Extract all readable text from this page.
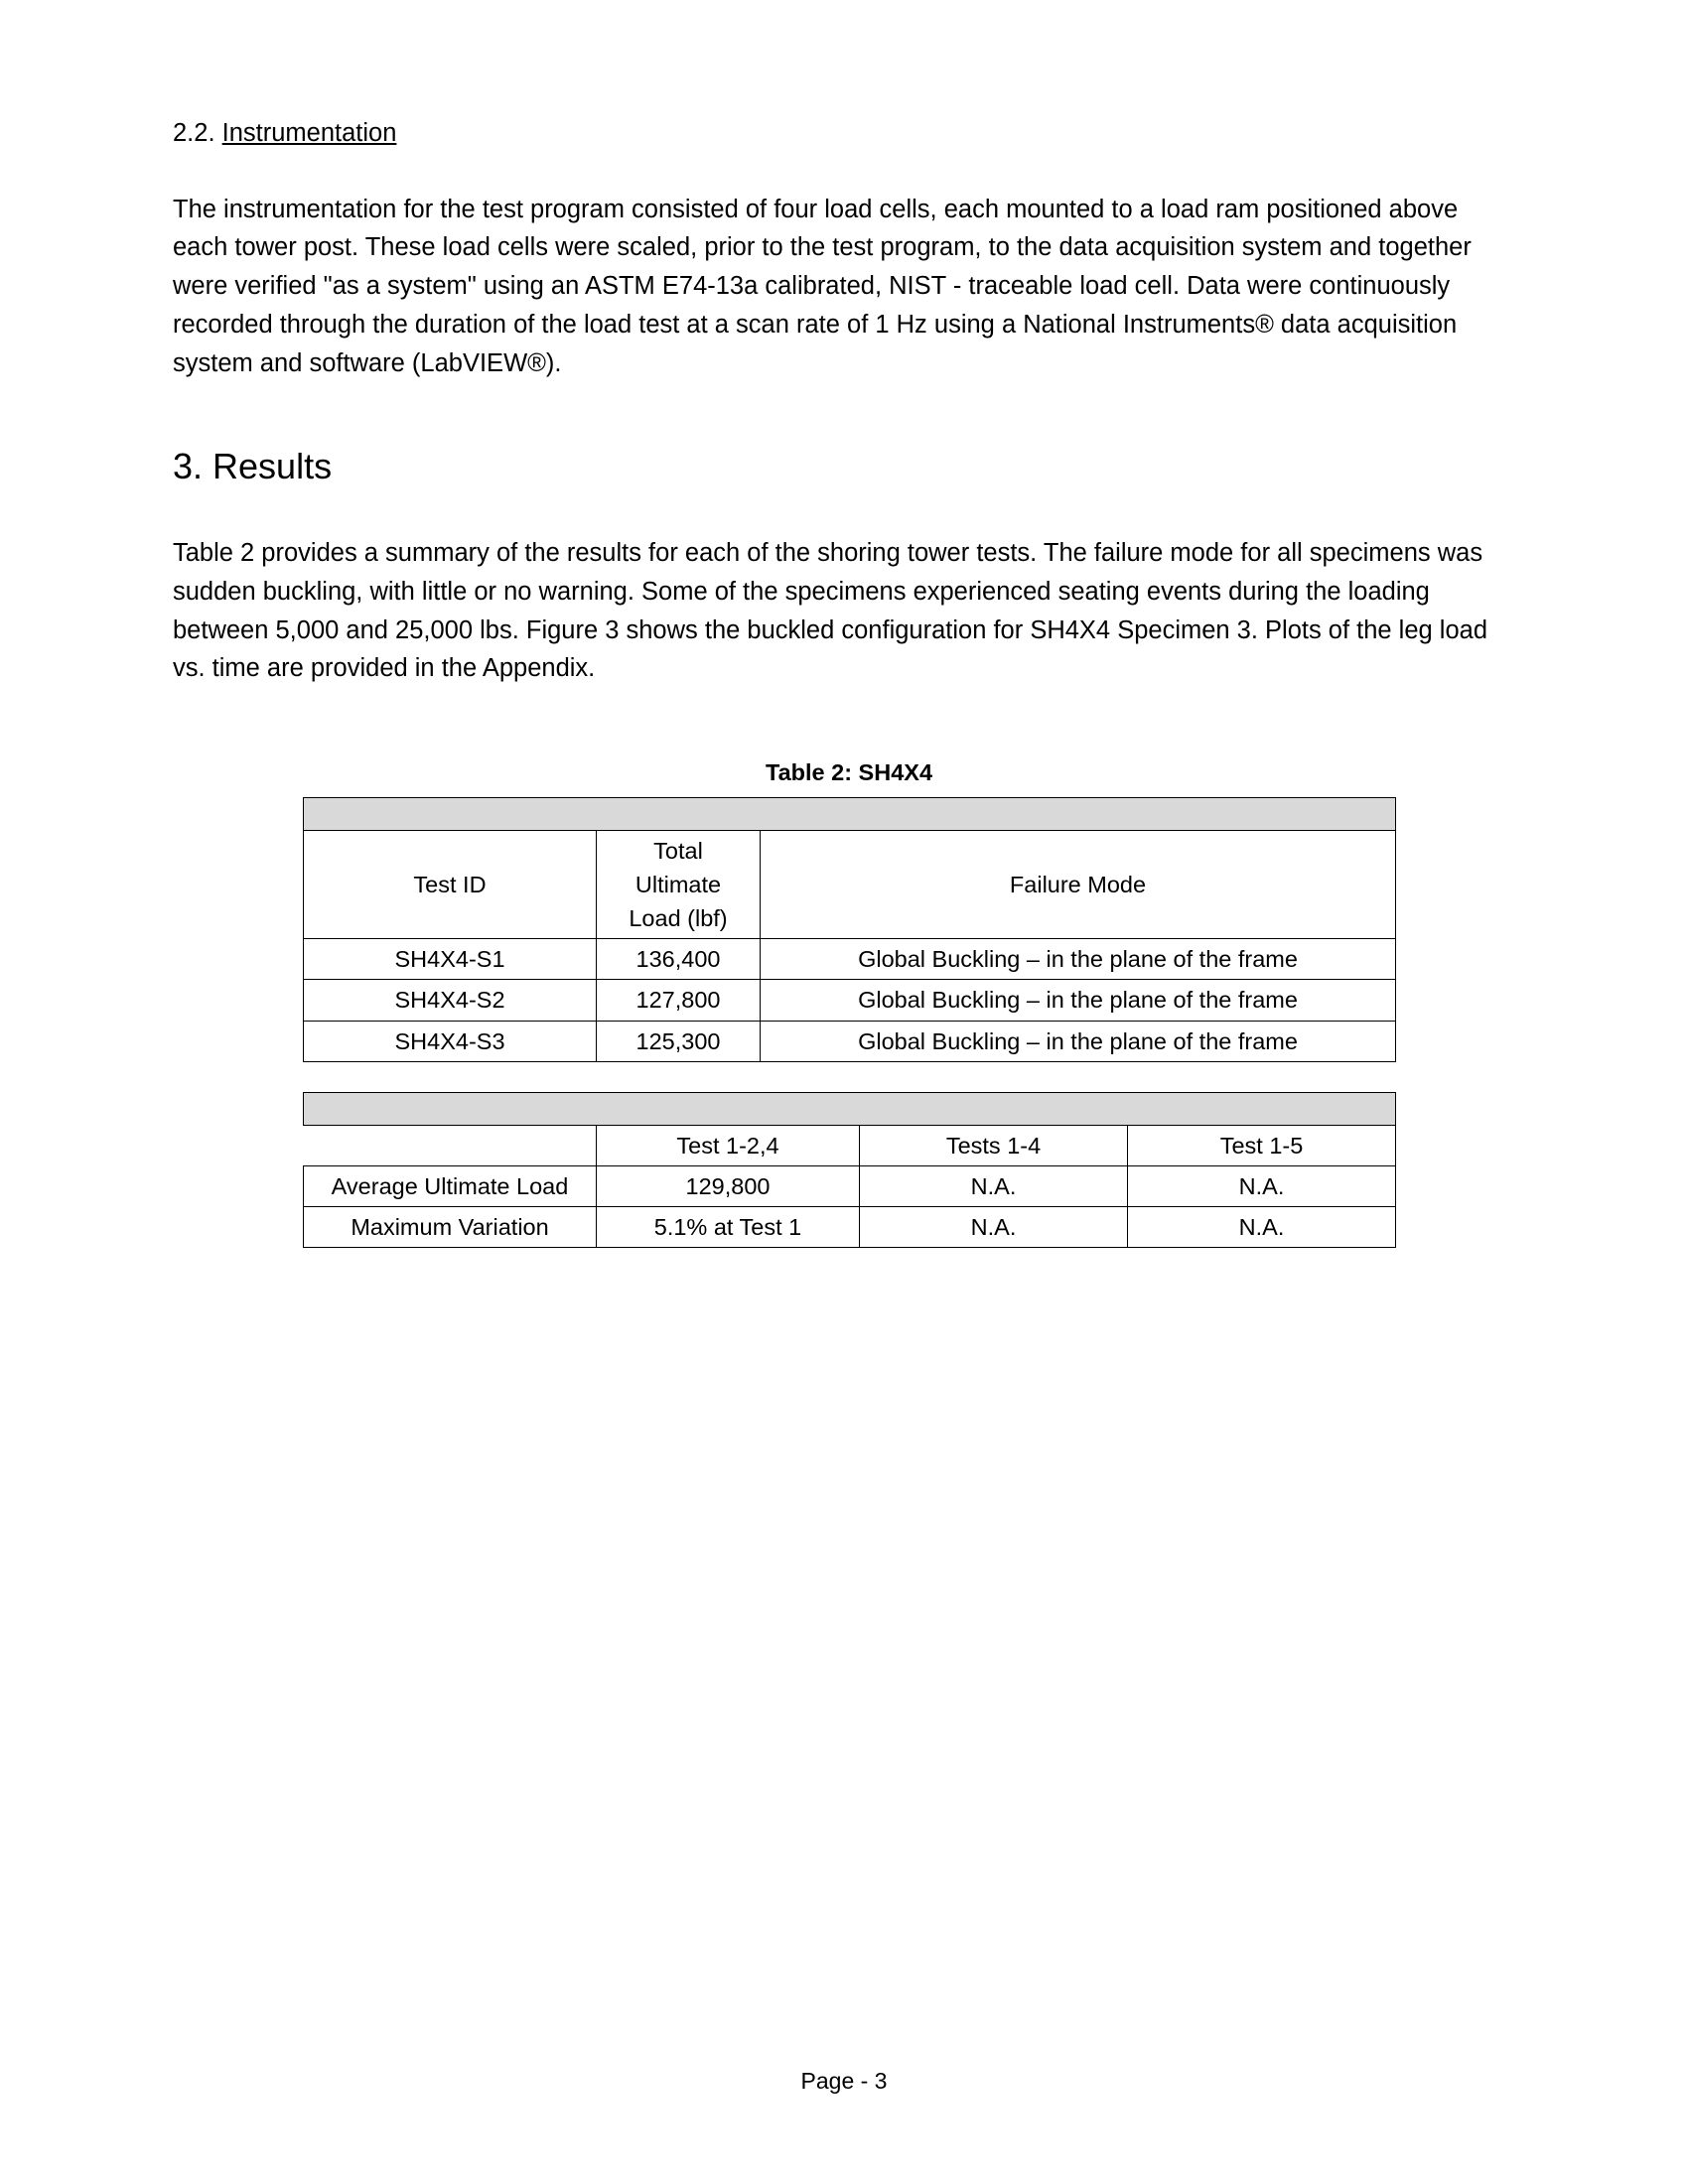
2.2. Instrumentation

The instrumentation for the test program consisted of four load cells, each mounted to a load ram positioned above each tower post. These load cells were scaled, prior to the test program, to the data acquisition system and together were verified "as a system" using an ASTM E74-13a calibrated, NIST - traceable load cell. Data were continuously recorded through the duration of the load test at a scan rate of 1 Hz using a National Instruments® data acquisition system and software (LabVIEW®).

3. Results

Table 2 provides a summary of the results for each of the shoring tower tests. The failure mode for all specimens was sudden buckling, with little or no warning. Some of the specimens experienced seating events during the loading between 5,000 and 25,000 lbs. Figure 3 shows the buckled configuration for SH4X4 Specimen 3. Plots of the leg load vs. time are provided in the Appendix.

Table 2: SH4X4

Test ID	Total
Ultimate
Load (lbf)	Failure Mode
SH4X4-S1	136,400	Global Buckling – in the plane of the frame
SH4X4-S2	127,800	Global Buckling – in the plane of the frame
SH4X4-S3	125,300	Global Buckling – in the plane of the frame

	Test 1-2,4	Tests 1-4	Test 1-5
Average Ultimate Load	129,800	N.A.	N.A.
Maximum Variation	5.1% at Test 1	N.A.	N.A.
Page - 3
